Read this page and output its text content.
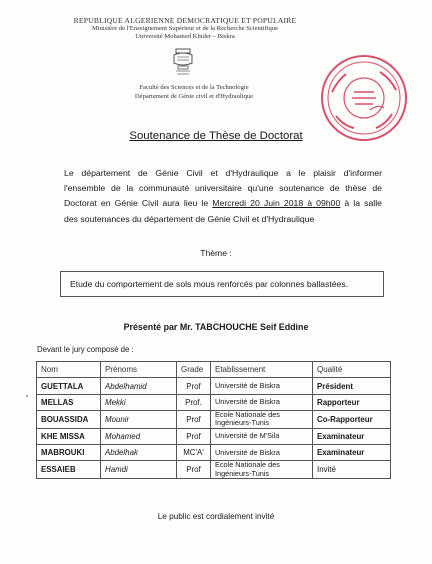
REPUBLIQUE ALGERIENNE DEMOCRATIQUE ET POPULAIRE
Ministère de l'Enseignement Supérieur et de la Recherche Scientifique
Université Mohamed Khider – Biskra
Faculté des Sciences et de la Technologie
Département de Génie civil et d'Hydraulique
Soutenance de Thèse de Doctorat
Le département de Génie Civil et d'Hydraulique a le plaisir d'informer
l'ensemble de la communauté universitaire qu'une soutenance de thèse de
Doctorat en Génie Civil aura lieu le Mercredi 20 Juin 2018 à 09h00 à la salle
des soutenances du département de Génie Civil et d'Hydraulique
Thème :
Etude du comportement de sols mous renforcés par colonnes ballastées.
Présenté par Mr. TABCHOUCHE Seif Eddine
Devant le jury composé de :
Nom	Prénoms	Grade	Etablissement	Qualité
GUETTALA	Abdelhamid	Prof	Université de Biskra	Président
MELLAS	Mekki	Prof.	Université de Biskra	Rapporteur
BOUASSIDA	Mounir	Prof	Ecole Nationale des Ingénieurs-Tunis	Co-Rapporteur
KHE MISSA	Mohamed	Prof	Université de M'Sila	Examinateur
MABROUKI	Abdelhak	MC'A'	Université de Biskra	Examinateur
ESSAIEB	Hamdi	Prof	Ecole Nationale des Ingénieurs-Tunis	Invité
Le public est cordialement invité
